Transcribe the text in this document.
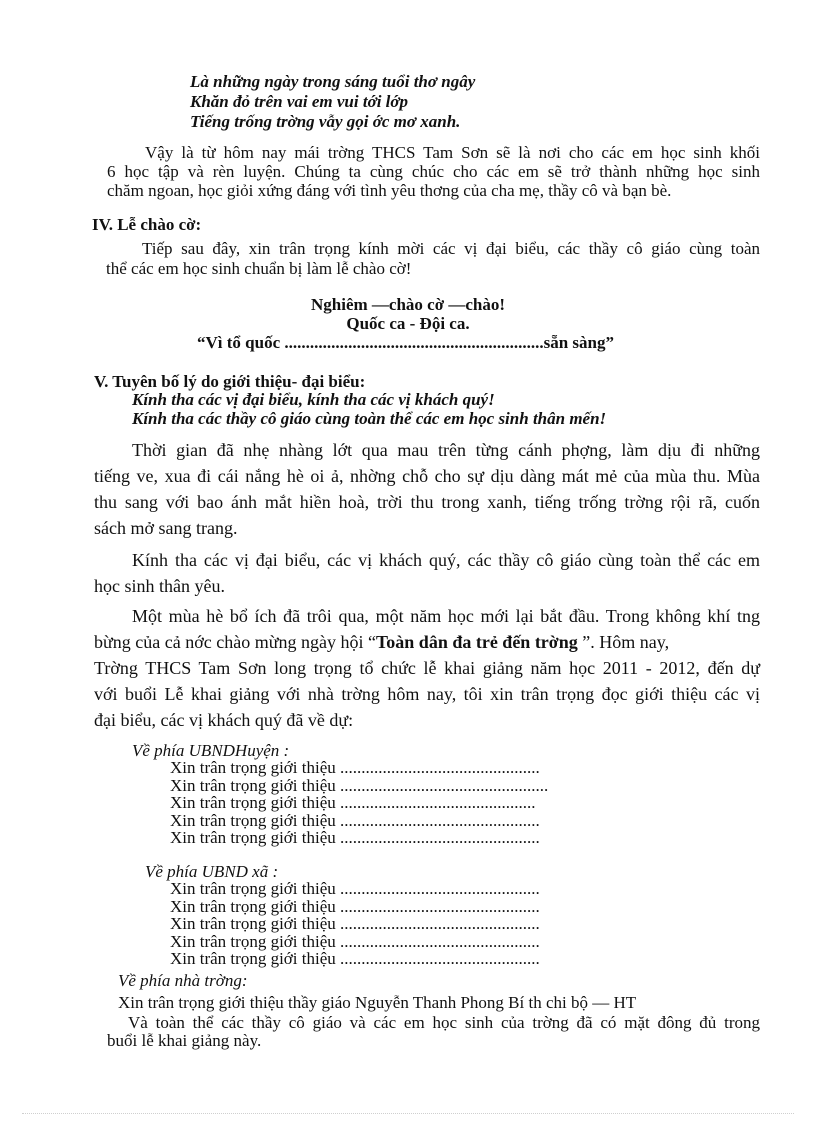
Là những ngày trong sáng tuổi thơ ngây
Khăn đỏ trên vai em vui tới lớp
Tiếng trống trờng vẫy gọi ớc mơ xanh.
Vậy là từ hôm nay mái trờng THCS Tam Sơn sẽ là nơi cho các em học sinh khối
6 học tập và rèn luyện. Chúng ta cùng chúc cho các em sẽ trở thành những học sinh
chăm ngoan, học giỏi xứng đáng với tình yêu thơng của cha mẹ, thầy cô và bạn bè.
IV. Lễ chào cờ:
Tiếp sau đây, xin trân trọng kính mời các vị đại biểu, các thầy cô giáo cùng toàn
thể các em học sinh chuẩn bị làm lễ chào cờ!
Nghiêm —chào cờ —chào!
Quốc ca - Đội ca.
“Vì tổ quốc .............................................................sẵn sàng”
V. Tuyên bố lý do giới thiệu- đại biểu:
Kính tha các vị đại biểu, kính tha các vị khách quý!
Kính tha các thầy cô giáo cùng toàn thể các em học sinh thân mến!
Thời gian đã nhẹ nhàng lớt qua mau trên từng cánh phợng, làm dịu đi những
tiếng ve, xua đi cái nắng hè oi ả, nhờng chỗ cho sự dịu dàng mát mẻ của mùa thu. Mùa
thu sang với bao ánh mắt hiền hoà, trời thu trong xanh, tiếng trống trờng rội rã, cuốn
sách mở sang trang.
Kính tha các vị đại biểu, các vị khách quý, các thầy cô giáo cùng toàn thể các em
học sinh thân yêu.
Một mùa hè bổ ích đã trôi qua, một năm học mới lại bắt đầu. Trong không khí tng
bừng của cả nớc chào mừng ngày hội “ Toàn dân đa trẻ đến trờng ”. Hôm nay,
Trờng THCS Tam Sơn long trọng tổ chức lễ khai giảng năm học 2011 - 2012, đến dự
với buổi Lễ khai giảng với nhà trờng hôm nay, tôi xin trân trọng đọc giới thiệu các vị
đại biểu, các vị khách quý đã về dự:
Về phía UBNDHuyện :
Xin trân trọng giới thiệu ...............................................
Xin trân trọng giới thiệu .................................................
Xin trân trọng giới thiệu ..............................................
Xin trân trọng giới thiệu ...............................................
Xin trân trọng giới thiệu ...............................................
Về phía UBND xã :
Xin trân trọng giới thiệu ...............................................
Xin trân trọng giới thiệu ...............................................
Xin trân trọng giới thiệu ...............................................
Xin trân trọng giới thiệu ...............................................
Xin trân trọng giới thiệu ...............................................
Về phía nhà trờng:
Xin trân trọng giới thiệu thầy giáo Nguyễn Thanh Phong Bí th chi bộ — HT
Và toàn thể các thầy cô giáo và các em học sinh của trờng đã có mặt đông đủ trong
buổi lễ khai giảng này.
